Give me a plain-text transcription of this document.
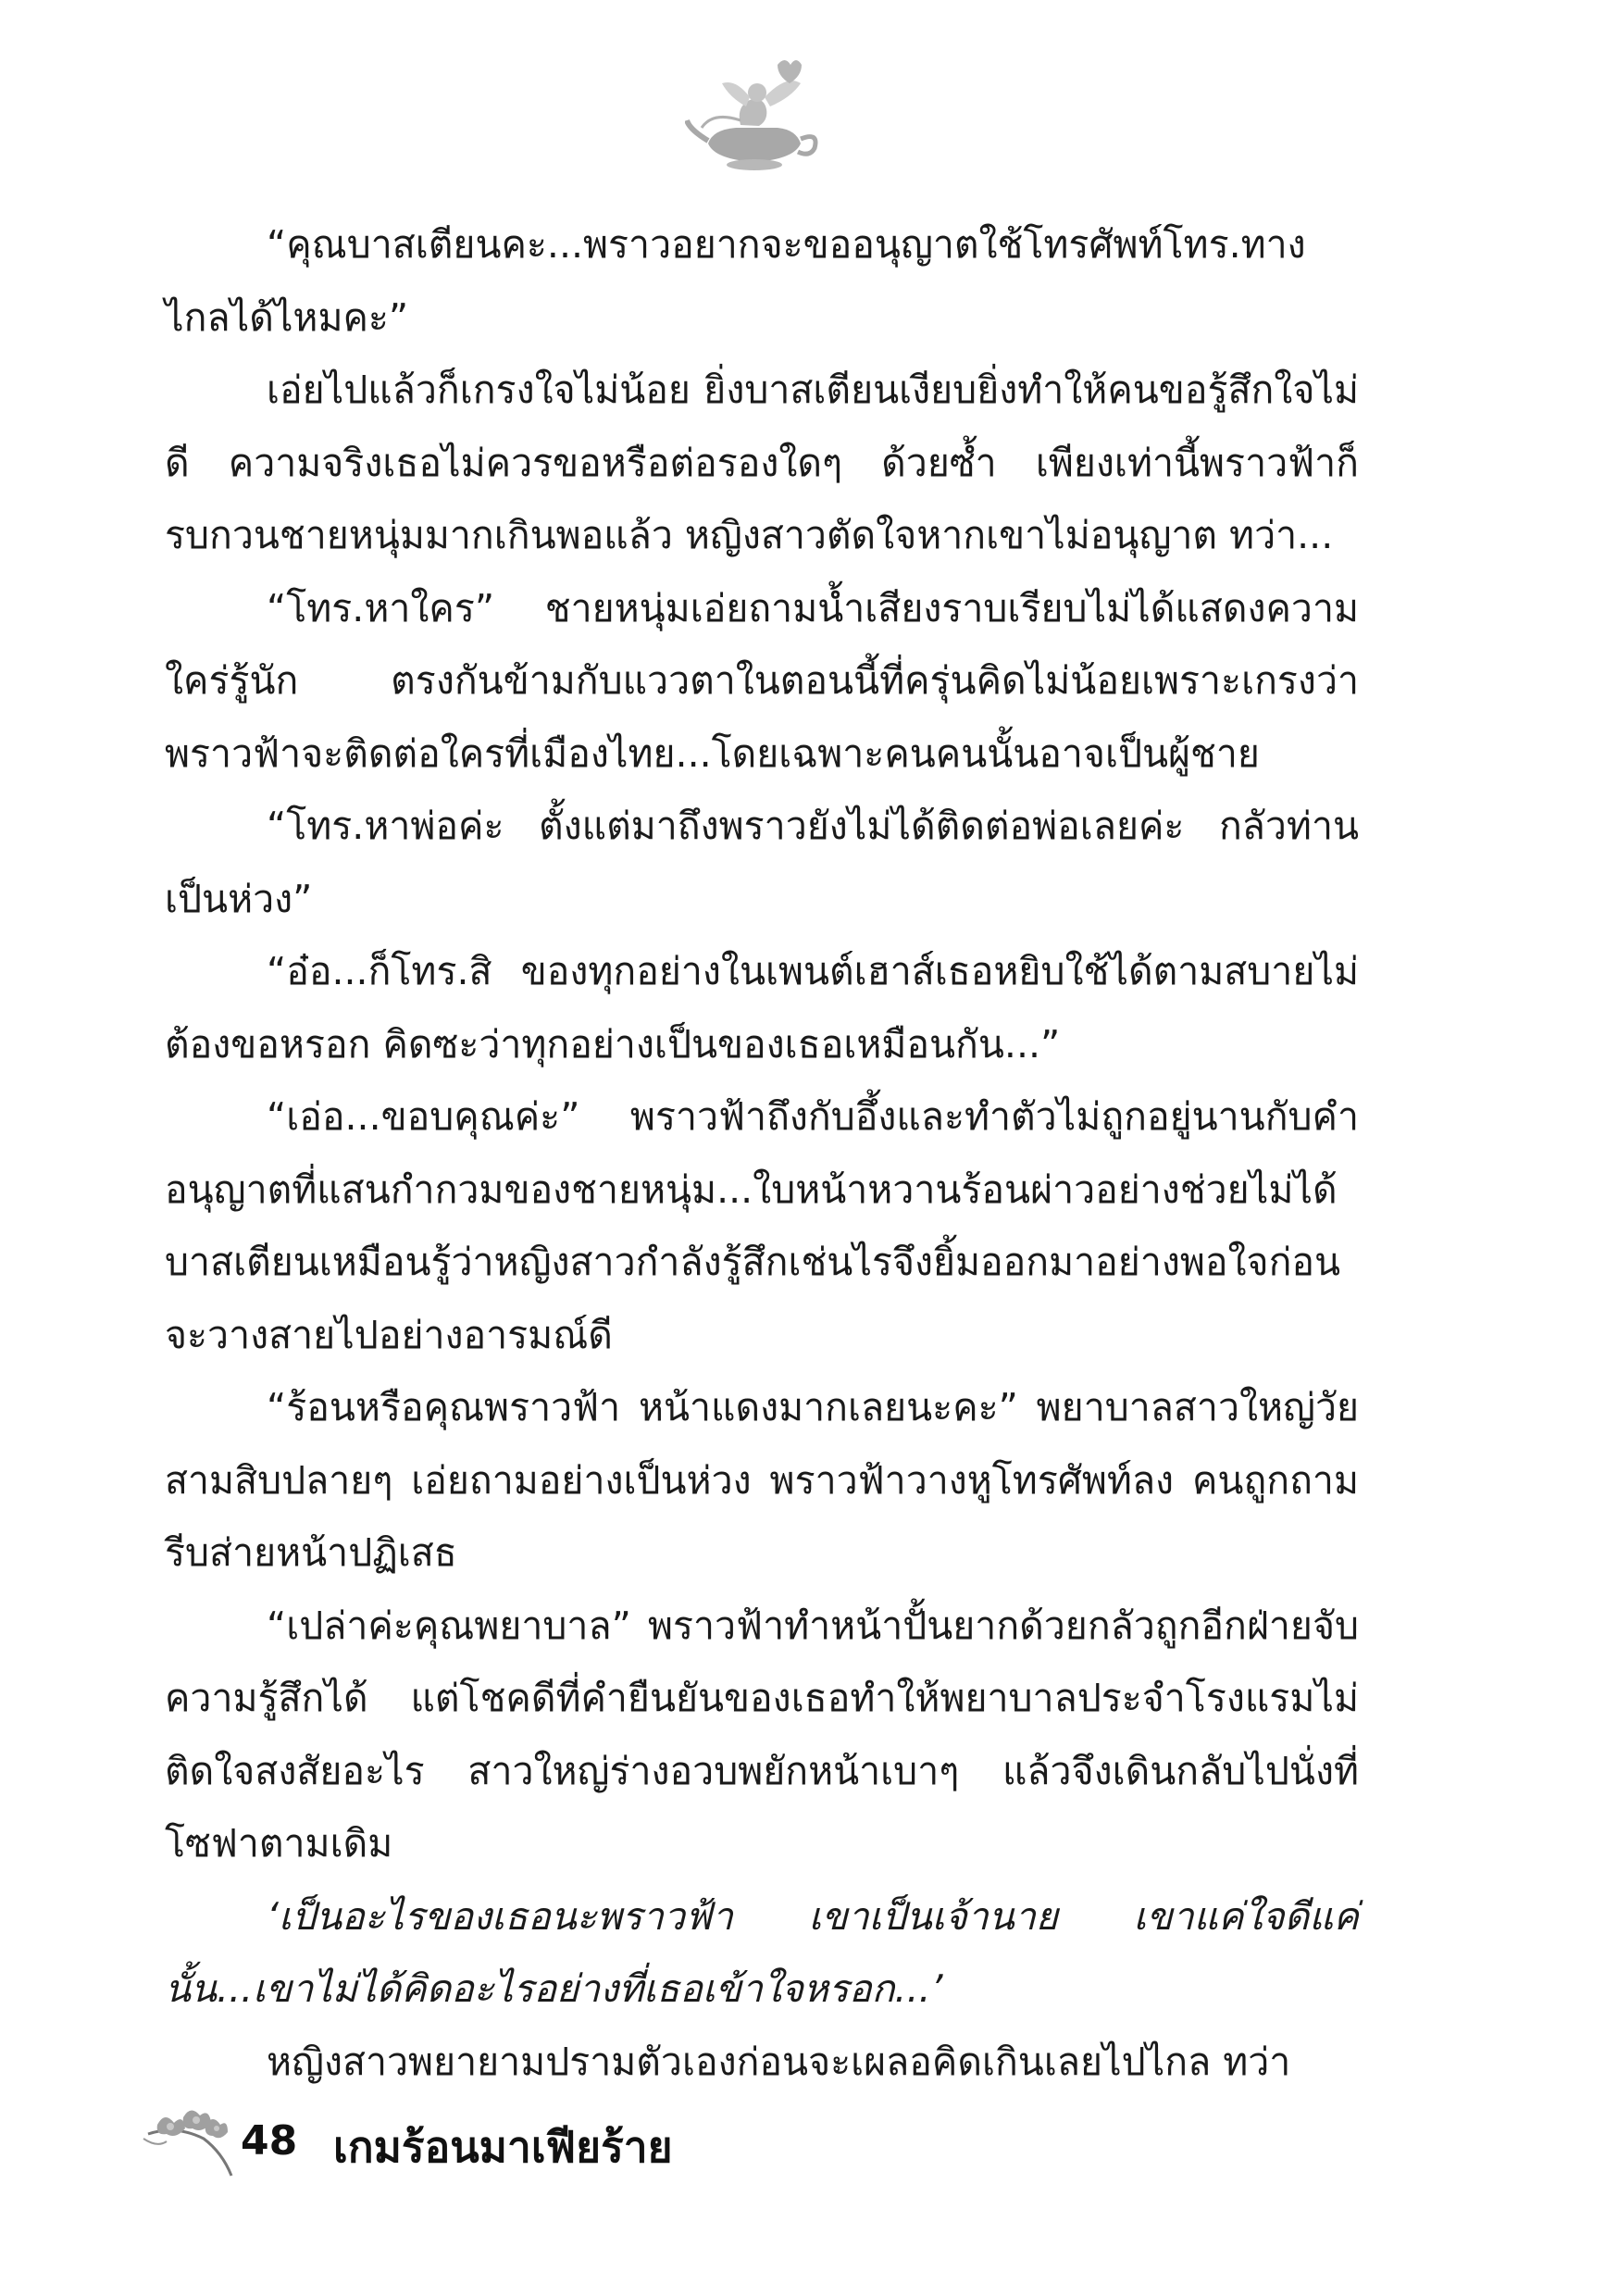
“คุณบาสเตียนคะ...พราวอยากจะขออนุญาตใช้โทรศัพท์โทร.ทางไกลได้ไหมคะ”

เอ่ยไปแล้วก็เกรงใจไม่น้อย ยิ่งบาสเตียนเงียบยิ่งทำให้คนขอรู้สึกใจไม่ดี ความจริงเธอไม่ควรขอหรือต่อรองใดๆ ด้วยซ้ำ เพียงเท่านี้พราวฟ้าก็รบกวนชายหนุ่มมากเกินพอแล้ว หญิงสาวตัดใจหากเขาไม่อนุญาต ทว่า...

“โทร.หาใคร” ชายหนุ่มเอ่ยถามน้ำเสียงราบเรียบไม่ได้แสดงความใคร่รู้นัก ตรงกันข้ามกับแววตาในตอนนี้ที่ครุ่นคิดไม่น้อยเพราะเกรงว่าพราวฟ้าจะติดต่อใครที่เมืองไทย...โดยเฉพาะคนคนนั้นอาจเป็นผู้ชาย

“โทร.หาพ่อค่ะ ตั้งแต่มาถึงพราวยังไม่ได้ติดต่อพ่อเลยค่ะ กลัวท่านเป็นห่วง”

“อ๋อ...ก็โทร.สิ ของทุกอย่างในเพนต์เฮาส์เธอหยิบใช้ได้ตามสบายไม่ต้องขอหรอก คิดซะว่าทุกอย่างเป็นของเธอเหมือนกัน...”

“เอ่อ...ขอบคุณค่ะ” พราวฟ้าถึงกับอึ้งและทำตัวไม่ถูกอยู่นานกับคำอนุญาตที่แสนกำกวมของชายหนุ่ม...ใบหน้าหวานร้อนผ่าวอย่างช่วยไม่ได้ บาสเตียนเหมือนรู้ว่าหญิงสาวกำลังรู้สึกเช่นไรจึงยิ้มออกมาอย่างพอใจก่อนจะวางสายไปอย่างอารมณ์ดี

“ร้อนหรือคุณพราวฟ้า หน้าแดงมากเลยนะคะ” พยาบาลสาวใหญ่วัยสามสิบปลายๆ เอ่ยถามอย่างเป็นห่วง พราวฟ้าวางหูโทรศัพท์ลง คนถูกถามรีบส่ายหน้าปฏิเสธ

“เปล่าค่ะคุณพยาบาล” พราวฟ้าทำหน้าปั้นยากด้วยกลัวถูกอีกฝ่ายจับความรู้สึกได้ แต่โชคดีที่คำยืนยันของเธอทำให้พยาบาลประจำโรงแรมไม่ติดใจสงสัยอะไร สาวใหญ่ร่างอวบพยักหน้าเบาๆ แล้วจึงเดินกลับไปนั่งที่โซฟาตามเดิม

‘เป็นอะไรของเธอนะพราวฟ้า เขาเป็นเจ้านาย เขาแค่ใจดีแค่นั้น...เขาไม่ได้คิดอะไรอย่างที่เธอเข้าใจหรอก...’

หญิงสาวพยายามปรามตัวเองก่อนจะเผลอคิดเกินเลยไปไกล ทว่า

48 เกมร้อนมาเฟียร้าย
